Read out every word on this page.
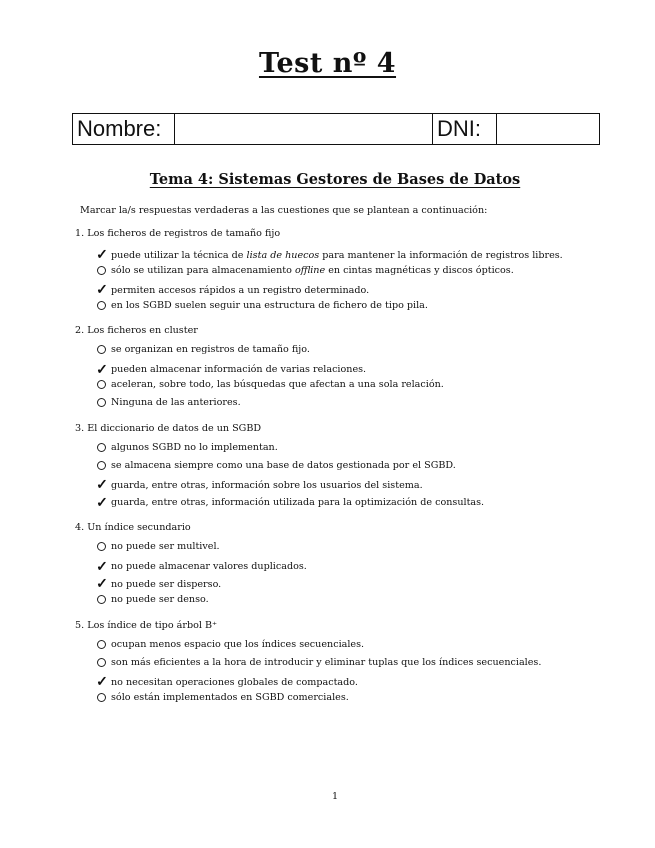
Test nº 4
Nombre:	DNI:
Tema 4: Sistemas Gestores de Bases de Datos
Marcar la/s respuestas verdaderas a las cuestiones que se plantean a continuación:
1. Los ficheros de registros de tamaño fijo
✓ puede utilizar la técnica de lista de huecos para mantener la información de registros libres.
sólo se utilizan para almacenamiento offline en cintas magnéticas y discos ópticos.
✓ permiten accesos rápidos a un registro determinado.
en los SGBD suelen seguir una estructura de fichero de tipo pila.
2. Los ficheros en cluster
se organizan en registros de tamaño fijo.
✓ pueden almacenar información de varias relaciones.
aceleran, sobre todo, las búsquedas que afectan a una sola relación.
Ninguna de las anteriores.
3. El diccionario de datos de un SGBD
algunos SGBD no lo implementan.
se almacena siempre como una base de datos gestionada por el SGBD.
✓ guarda, entre otras, información sobre los usuarios del sistema.
✓ guarda, entre otras, información utilizada para la optimización de consultas.
4. Un índice secundario
no puede ser multivel.
✓ no puede almacenar valores duplicados.
✓ no puede ser disperso.
no puede ser denso.
5. Los índice de tipo árbol B⁺
ocupan menos espacio que los índices secuenciales.
son más eficientes a la hora de introducir y eliminar tuplas que los índices secuenciales.
✓ no necesitan operaciones globales de compactado.
sólo están implementados en SGBD comerciales.
1
